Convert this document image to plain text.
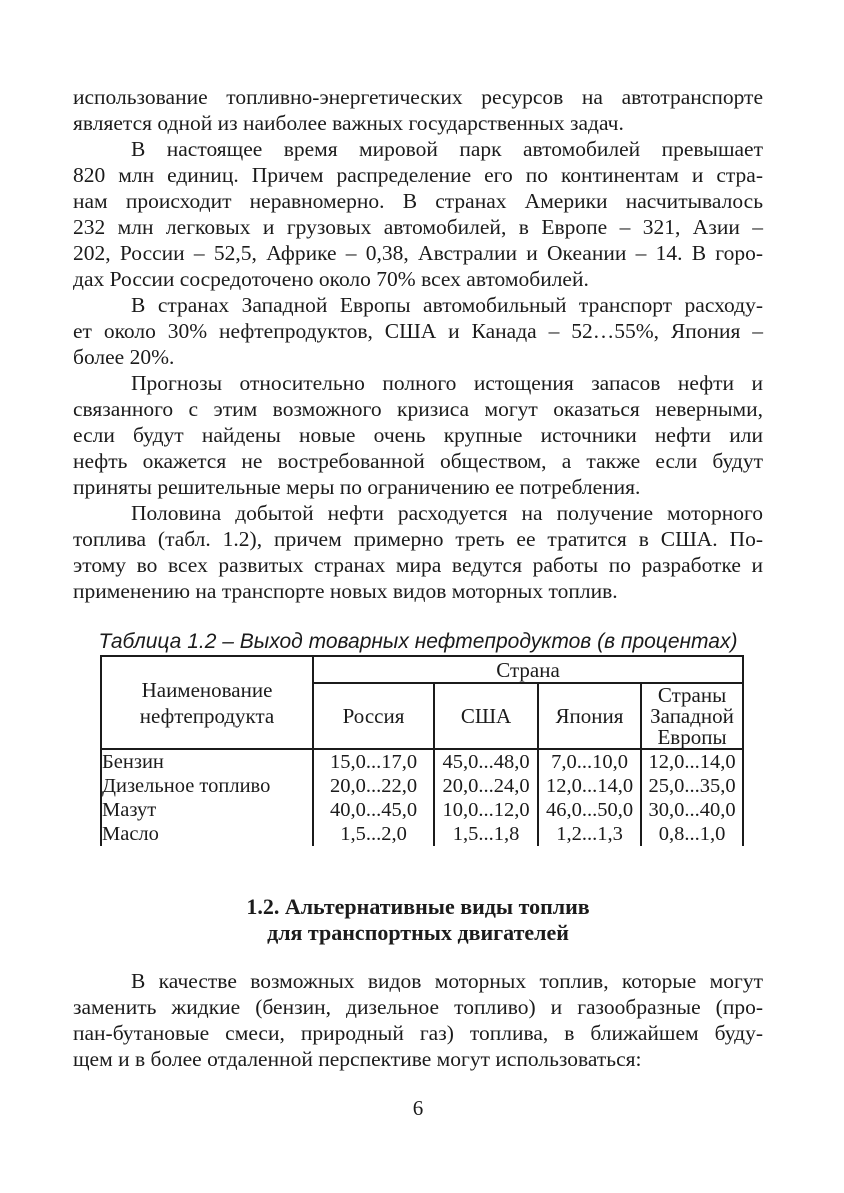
использование топливно-энергетических ресурсов на автотранспорте
является одной из наиболее важных государственных задач.
В настоящее время мировой парк автомобилей превышает
820 млн единиц. Причем распределение его по континентам и стра-
нам происходит неравномерно. В странах Америки насчитывалось
232 млн легковых и грузовых автомобилей, в Европе – 321, Азии –
202, России – 52,5, Африке – 0,38, Австралии и Океании – 14. В горо-
дах России сосредоточено около 70% всех автомобилей.
В странах Западной Европы автомобильный транспорт расходу-
ет около 30% нефтепродуктов, США и Канада – 52…55%, Япония –
более 20%.
Прогнозы относительно полного истощения запасов нефти и
связанного с этим возможного кризиса могут оказаться неверными,
если будут найдены новые очень крупные источники нефти или
нефть окажется не востребованной обществом, а также если будут
приняты решительные меры по ограничению ее потребления.
Половина добытой нефти расходуется на получение моторного
топлива (табл. 1.2), причем примерно треть ее тратится в США. По-
этому во всех развитых странах мира ведутся работы по разработке и
применению на транспорте новых видов моторных топлив.
Таблица 1.2 – Выход товарных нефтепродуктов (в процентах)
Наименование нефтепродукта	Страна			
	Россия	США	Япония	Страны Западной Европы
Бензин	15,0...17,0	45,0...48,0	7,0...10,0	12,0...14,0
Дизельное топливо	20,0...22,0	20,0...24,0	12,0...14,0	25,0...35,0
Мазут	40,0...45,0	10,0...12,0	46,0...50,0	30,0...40,0
Масло	1,5...2,0	1,5...1,8	1,2...1,3	0,8...1,0
1.2. Альтернативные виды топлив
для транспортных двигателей
В качестве возможных видов моторных топлив, которые могут
заменить жидкие (бензин, дизельное топливо) и газообразные (про-
пан-бутановые смеси, природный газ) топлива, в ближайшем буду-
щем и в более отдаленной перспективе могут использоваться:
6
